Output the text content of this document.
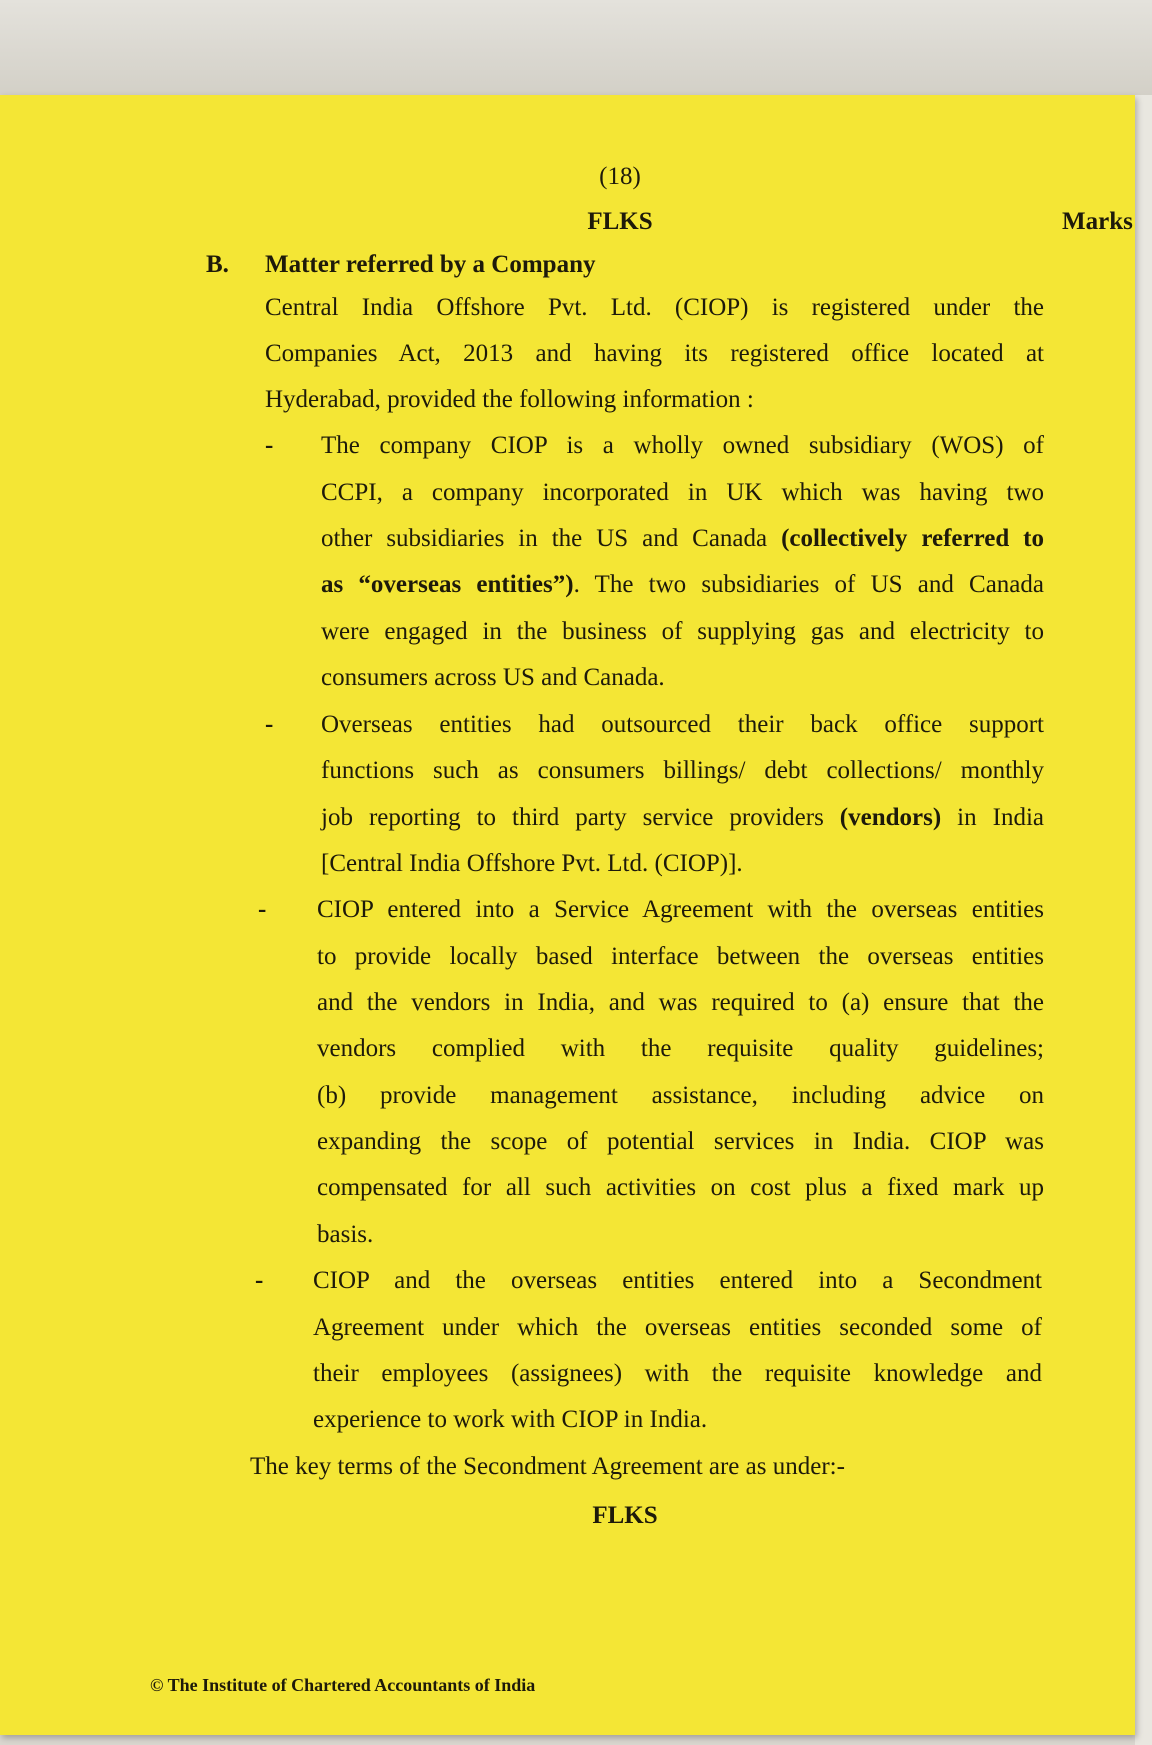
(18)
FLKS	Marks
B. Matter referred by a Company
Central India Offshore Pvt. Ltd. (CIOP) is registered under the
Companies Act, 2013 and having its registered office located at
Hyderabad, provided the following information :
- The company CIOP is a wholly owned subsidiary (WOS) of
CCPI, a company incorporated in UK which was having two
other subsidiaries in the US and Canada (collectively referred to
as “overseas entities”). The two subsidiaries of US and Canada
were engaged in the business of supplying gas and electricity to
consumers across US and Canada.
- Overseas entities had outsourced their back office support
functions such as consumers billings/ debt collections/ monthly
job reporting to third party service providers (vendors) in India
[Central India Offshore Pvt. Ltd. (CIOP)].
- CIOP entered into a Service Agreement with the overseas entities
to provide locally based interface between the overseas entities
and the vendors in India, and was required to (a) ensure that the
vendors complied with the requisite quality guidelines;
(b) provide management assistance, including advice on
expanding the scope of potential services in India. CIOP was
compensated for all such activities on cost plus a fixed mark up
basis.
- CIOP and the overseas entities entered into a Secondment
Agreement under which the overseas entities seconded some of
their employees (assignees) with the requisite knowledge and
experience to work with CIOP in India.
The key terms of the Secondment Agreement are as under:-
FLKS
© The Institute of Chartered Accountants of India
